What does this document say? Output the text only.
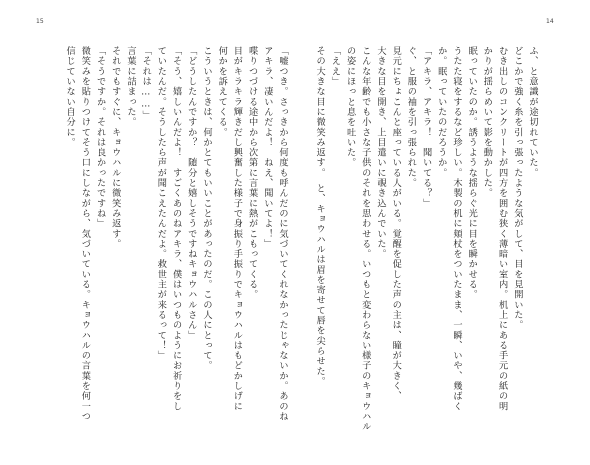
15	14
ふ、と意識が途切れていた。
どこかで強く糸を引っ張ったような気がして、目を見開いた。
むき出しのコンクリートが四方を囲む狭く薄暗い室内。机上にある手元の紙の明
かりが揺らめいて影を動かした。
眠っていたのか。誘うような揺らぐ光に目を瞬かせる。
うたた寝をするなど珍しい。木製の机に頬杖をついたまま、一瞬、いや、幾ばく
か。眠っていたのだろうか。
「アキラ、アキラ！　聞いてる？」
ぐ、と服の袖を引っ張られた。
見元にちょこんと座っている人がいる。覚醒を促した声の主は、瞳が大きく、
大きな目を開き、上目遣いに覗き込んでいた。
こんな年齢でも小さな子供のそれを思わせる。いつもと変わらない様子のキョウハル
の姿にほっと息を吐いた。
「ええ」
その大きな目に微笑み返す。　と、キョウハルは眉を寄せて唇を尖らせた。
「嘘つき。さっきから何度も呼んだのに気づいてくれなかったじゃないか。あのね
アキラ、凄いんだよ！　ねえ、聞いてよ！」
喋りつづける途中から次第に言葉に熱がこもってくる。
目がキラキラ輝きだし興奮した様子で身振り手振りでキョウハルはもどかしげに
何かを訴えてくる。
こういうときは、何かとてもいいことがあったのだ。この人にとって。
「どうしたんですか？　随分と嬉しそうですねキョウハルさん」
「そう、嬉しいんだよ！　すごくあのねアキラ、僕はいつものようにお祈りをし
ていたんだ。そうしたら声が聞こえたんだよ。救世主が来るって！」
「それは……」
言葉に詰まった。
それでもすぐに、キョウハルに微笑み返す。
「そうですか。それは良かったですね」
微笑みを貼りつけてそう口にしながら、気づいている。キョウハルの言葉を何一つ
信じていない自分に。
